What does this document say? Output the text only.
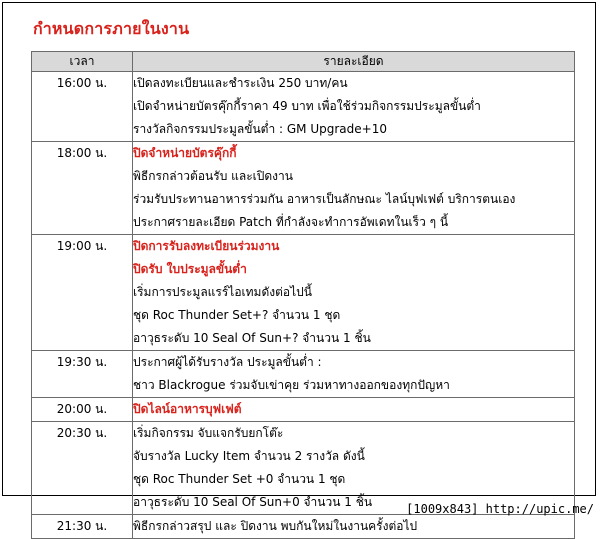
กำหนดการภายในงาน
เวลา	รายละเอียด
16:00 น.	เปิดลงทะเบียนและชำระเงิน 250 บาท/คน
เปิดจำหน่ายบัตรคุ๊กกี้ราคา 49 บาท เพื่อใช้ร่วมกิจกรรมประมูลขั้นต่ำ
รางวัลกิจกรรมประมูลขั้นต่ำ : GM Upgrade+10

18:00 น.	ปิดจำหน่ายบัตรคุ๊กกี้
พิธีกรกล่าวต้อนรับ และเปิดงาน
ร่วมรับประทานอาหารร่วมกัน อาหารเป็นลักษณะ ไลน์บุฟเฟต์ บริการตนเอง
ประกาศรายละเอียด Patch ที่กำลังจะทำการอัพเดทในเร็ว ๆ นี้

19:00 น.	ปิดการรับลงทะเบียนร่วมงาน
ปิดรับ ใบประมูลขั้นต่ำ
เริ่มการประมูลแรร์ไอเทมดังต่อไปนี้
ชุด Roc Thunder Set+? จำนวน 1 ชุด
อาวุธระดับ 10 Seal Of Sun+? จำนวน 1 ชิ้น

19:30 น.	ประกาศผู้ได้รับรางวัล ประมูลขั้นต่ำ :
ชาว Blackrogue ร่วมจับเข่าคุย ร่วมหาทางออกของทุกปัญหา

20:00 น.	ปิดไลน์อาหารบุฟเฟต์

20:30 น.	เริ่มกิจกรรม จับแจกรับยกโต๊ะ
จับรางวัล Lucky Item จำนวน 2 รางวัล ดังนี้
ชุด Roc Thunder Set +0 จำนวน 1 ชุด
อาวุธระดับ 10 Seal Of Sun+0 จำนวน 1 ชิ้น

21:30 น.	พิธีกรกล่าวสรุป และ ปิดงาน พบกันใหม่ในงานครั้งต่อไป
[1009x843] http://upic.me/
